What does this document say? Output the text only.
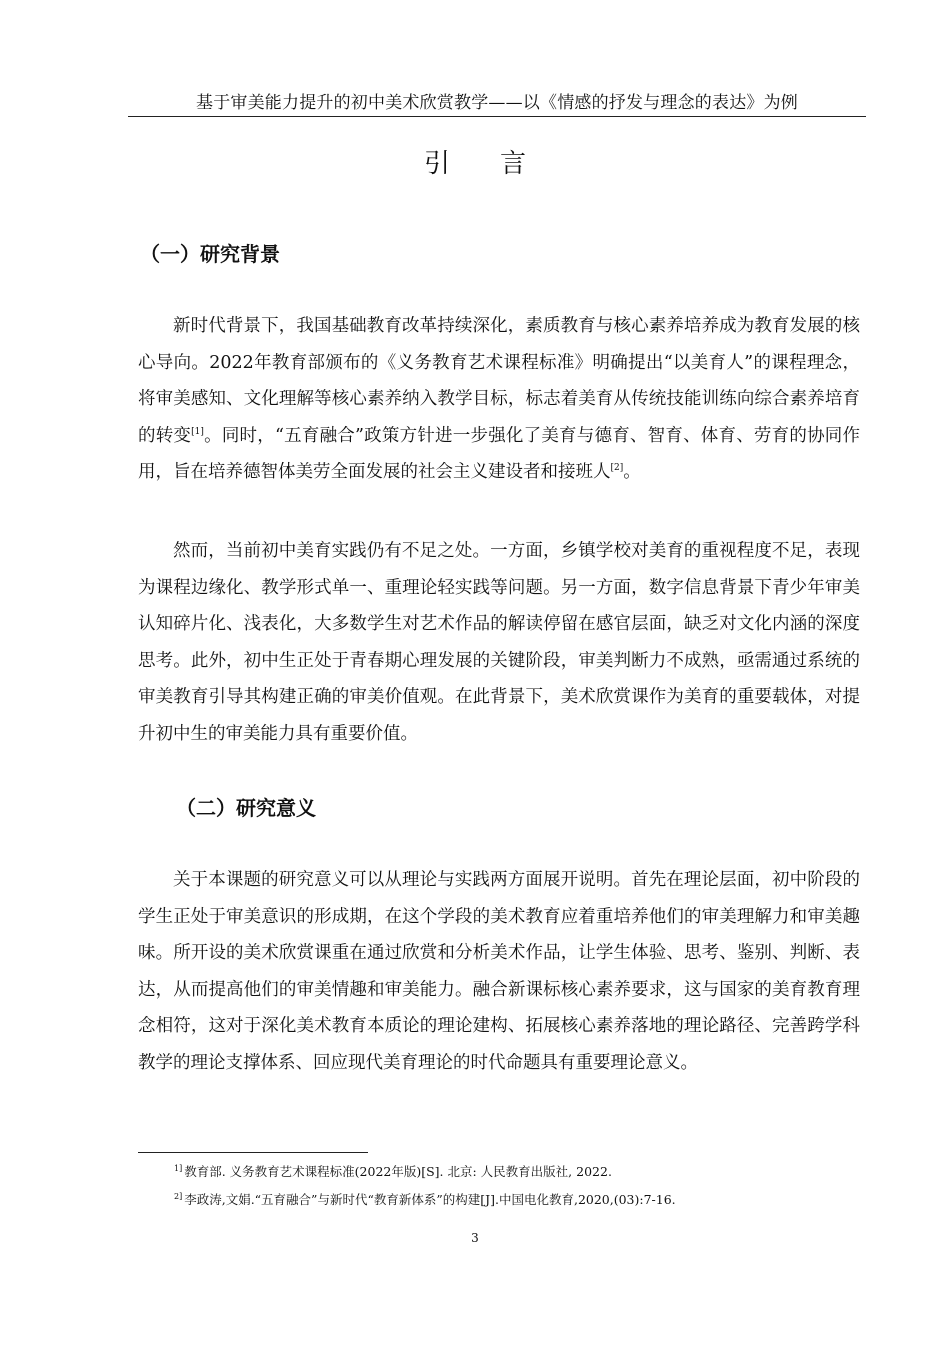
基于审美能力提升的初中美术欣赏教学——以《情感的抒发与理念的表达》为例
引言
（一）研究背景

新时代背景下，我国基础教育改革持续深化，素质教育与核心素养培养成为教育发展的核心导向。2022年教育部颁布的《义务教育艺术课程标准》明确提出“以美育人”的课程理念，将审美感知、文化理解等核心素养纳入教学目标，标志着美育从传统技能训练向综合素养培育的转变[1]。同时，“五育融合”政策方针进一步强化了美育与德育、智育、体育、劳育的协同作用，旨在培养德智体美劳全面发展的社会主义建设者和接班人[2]。

然而，当前初中美育实践仍有不足之处。一方面，乡镇学校对美育的重视程度不足，表现为课程边缘化、教学形式单一、重理论轻实践等问题。另一方面，数字信息背景下青少年审美认知碎片化、浅表化，大多数学生对艺术作品的解读停留在感官层面，缺乏对文化内涵的深度思考。此外，初中生正处于青春期心理发展的关键阶段，审美判断力不成熟，亟需通过系统的审美教育引导其构建正确的审美价值观。在此背景下，美术欣赏课作为美育的重要载体，对提升初中生的审美能力具有重要价值。

（二）研究意义

关于本课题的研究意义可以从理论与实践两方面展开说明。首先在理论层面，初中阶段的学生正处于审美意识的形成期，在这个学段的美术教育应着重培养他们的审美理解力和审美趣味。所开设的美术欣赏课重在通过欣赏和分析美术作品，让学生体验、思考、鉴别、判断、表达，从而提高他们的审美情趣和审美能力。融合新课标核心素养要求，这与国家的美育教育理念相符，这对于深化美术教育本质论的理论建构、拓展核心素养落地的理论路径、完善跨学科教学的理论支撑体系、回应现代美育理论的时代命题具有重要理论意义。

$^{1]}$ 教育部. 义务教育艺术课程标准(2022年版)[S]. 北京: 人民教育出版社, 2022.
$^{2]}$ 李政涛,文娟.“五育融合”与新时代“教育新体系”的构建[J].中国电化教育,2020,(03):7-16.
3
